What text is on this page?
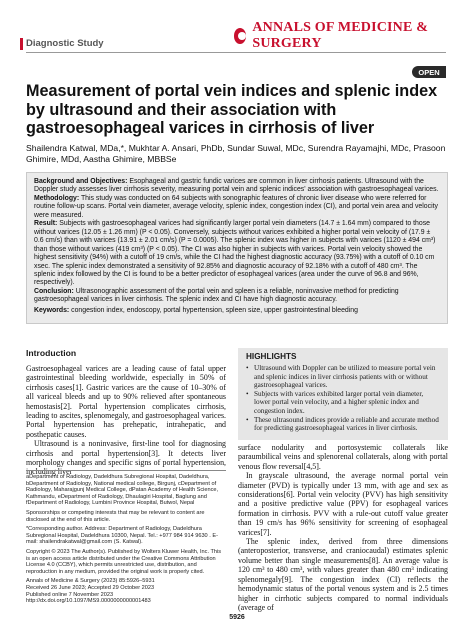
Diagnostic Study
ANNALS OF MEDICINE & SURGERY
OPEN
Measurement of portal vein indices and splenic index by ultrasound and their association with gastroesophageal varices in cirrhosis of liver
Shailendra Katwal, MDa,*, Mukhtar A. Ansari, PhDb, Sundar Suwal, MDc, Surendra Rayamajhi, MDc, Prasoon Ghimire, MDd, Aastha Ghimire, MBBSe

Background and Objectives: Esophageal and gastric fundic varices are common in liver cirrhosis patients. Ultrasound with the Doppler study assesses liver cirrhosis severity, measuring portal vein and splenic indices' association with gastroesophageal varices.

Methodology: This study was conducted on 64 subjects with sonographic features of chronic liver disease who were referred for routine follow-up scans. Portal vein diameter, average velocity, splenic index, congestion index (CI), and portal vein area and velocity were measured.

Result: Subjects with gastroesophageal varices had significantly larger portal vein diameters (14.7 ± 1.64 mm) compared to those without varices (12.05 ± 1.26 mm) (P < 0.05). Conversely, subjects without varices exhibited a higher portal vein velocity of (17.9 ± 0.6 cm/s) than with varices (13.91 ± 2.01 cm/s) (P = 0.0005). The splenic index was higher in subjects with varices (1120 ± 494 cm³) than those without varices (419 cm³) (P < 0.05). The CI was also higher in subjects with varices. Portal vein velocity showed the highest sensitivity (94%) with a cutoff of 19 cm/s, while the CI had the highest diagnostic accuracy (93.75%) with a cutoff of 0.10 cm xsec. The splenic index demonstrated a sensitivity of 92.85% and diagnostic accuracy of 92.18% with a cutoff of 480 cm³. The splenic index followed by the CI is found to be a better predictor of esophageal varices (area under the curve of 96.8 and 96%, respectively).

Conclusion: Ultrasonographic assessment of the portal vein and spleen is a reliable, noninvasive method for predicting gastroesophageal varices in liver cirrhosis. The splenic index and CI have high diagnostic accuracy.

Keywords: congestion index, endoscopy, portal hypertension, spleen size, upper gastrointestinal bleeding

Introduction

Gastroesophageal varices are a leading cause of fatal upper gastrointestinal bleeding worldwide, especially in 50% of cirrhosis cases[1]. Gastric varices are the cause of 10–30% of all variceal bleeds and up to 90% relieved after spontaneous hemostasis[2]. Portal hypertension complicates cirrhosis, leading to ascites, splenomegaly, and gastroesophageal varices. Portal hypertension has prehepatic, intrahepatic, and posthepatic causes.

Ultrasound is a noninvasive, first-line tool for diagnosing cirrhosis and portal hypertension[3]. It detects liver morphology changes and specific signs of portal hypertension, including liver

aDepartment of Radiology, Dadeldhura Subregional Hospital, Dadeldhura, bDepartment of Radiology, National medical college, Birgunj, cDepartment of Radiology, Maharajgunj Medical College, dPatan Academy of Health Science, Kathmandu, eDepartment of Radiology, Dhaulagiri Hospital, Baglung and fDepartment of Radiology, Lumbini Province Hospital, Butwol, Nepal

Sponsorships or competing interests that may be relevant to content are disclosed at the end of this article.

*Corresponding author. Address: Department of Radiology, Dadeldhura Subregional Hospital, Dadeldhura 10300, Nepal. Tel.: +977 984 914 9630 . E-mail: shailendrakatwal@gmail.com (S. Katwal).

Copyright © 2023 The Author(s). Published by Wolters Kluwer Health, Inc. This is an open access article distributed under the Creative Commons Attribution License 4.0 (CCBY), which permits unrestricted use, distribution, and reproduction in any medium, provided the original work is properly cited.

Annals of Medicine & Surgery (2023) 85:5926–5931
Received 26 June 2023; Accepted 29 October 2023
Published online 7 November 2023
http://dx.doi.org/10.1097/MS9.0000000000001483

HIGHLIGHTS
• Ultrasound with Doppler can be utilized to measure portal vein and splenic indices in liver cirrhosis patients with or without gastroesophageal varices.
• Subjects with varices exhibited larger portal vein diameter, lower portal vein velocity, and a higher splenic index and congestion index.
• These ultrasound indices provide a reliable and accurate method for predicting gastroesophageal varices in liver cirrhosis.

surface nodularity and portosystemic collaterals like paraumbilical veins and splenorenal collaterals, along with portal venous flow reversal[4,5].

In grayscale ultrasound, the average normal portal vein diameter (PVD) is typically under 13 mm, with age and sex as considerations[6]. Portal vein velocity (PVV) has high sensitivity and a positive predictive value (PPV) for esophageal varices formation in cirrhosis. PVV with a rule-out cutoff value greater than 19 cm/s has 96% sensitivity for screening of esophageal varices[7].

The splenic index, derived from three dimensions (anteroposterior, transverse, and craniocaudal) estimates splenic volume better than single measurements[8]. An average value is 120 cm³ to 480 cm³, with values greater than 480 cm³ indicating splenomegaly[9]. The congestion index (CI) reflects the hemodynamic status of the portal venous system and is 2.5 times higher in cirrhotic subjects compared to normal individuals (average of

5926
